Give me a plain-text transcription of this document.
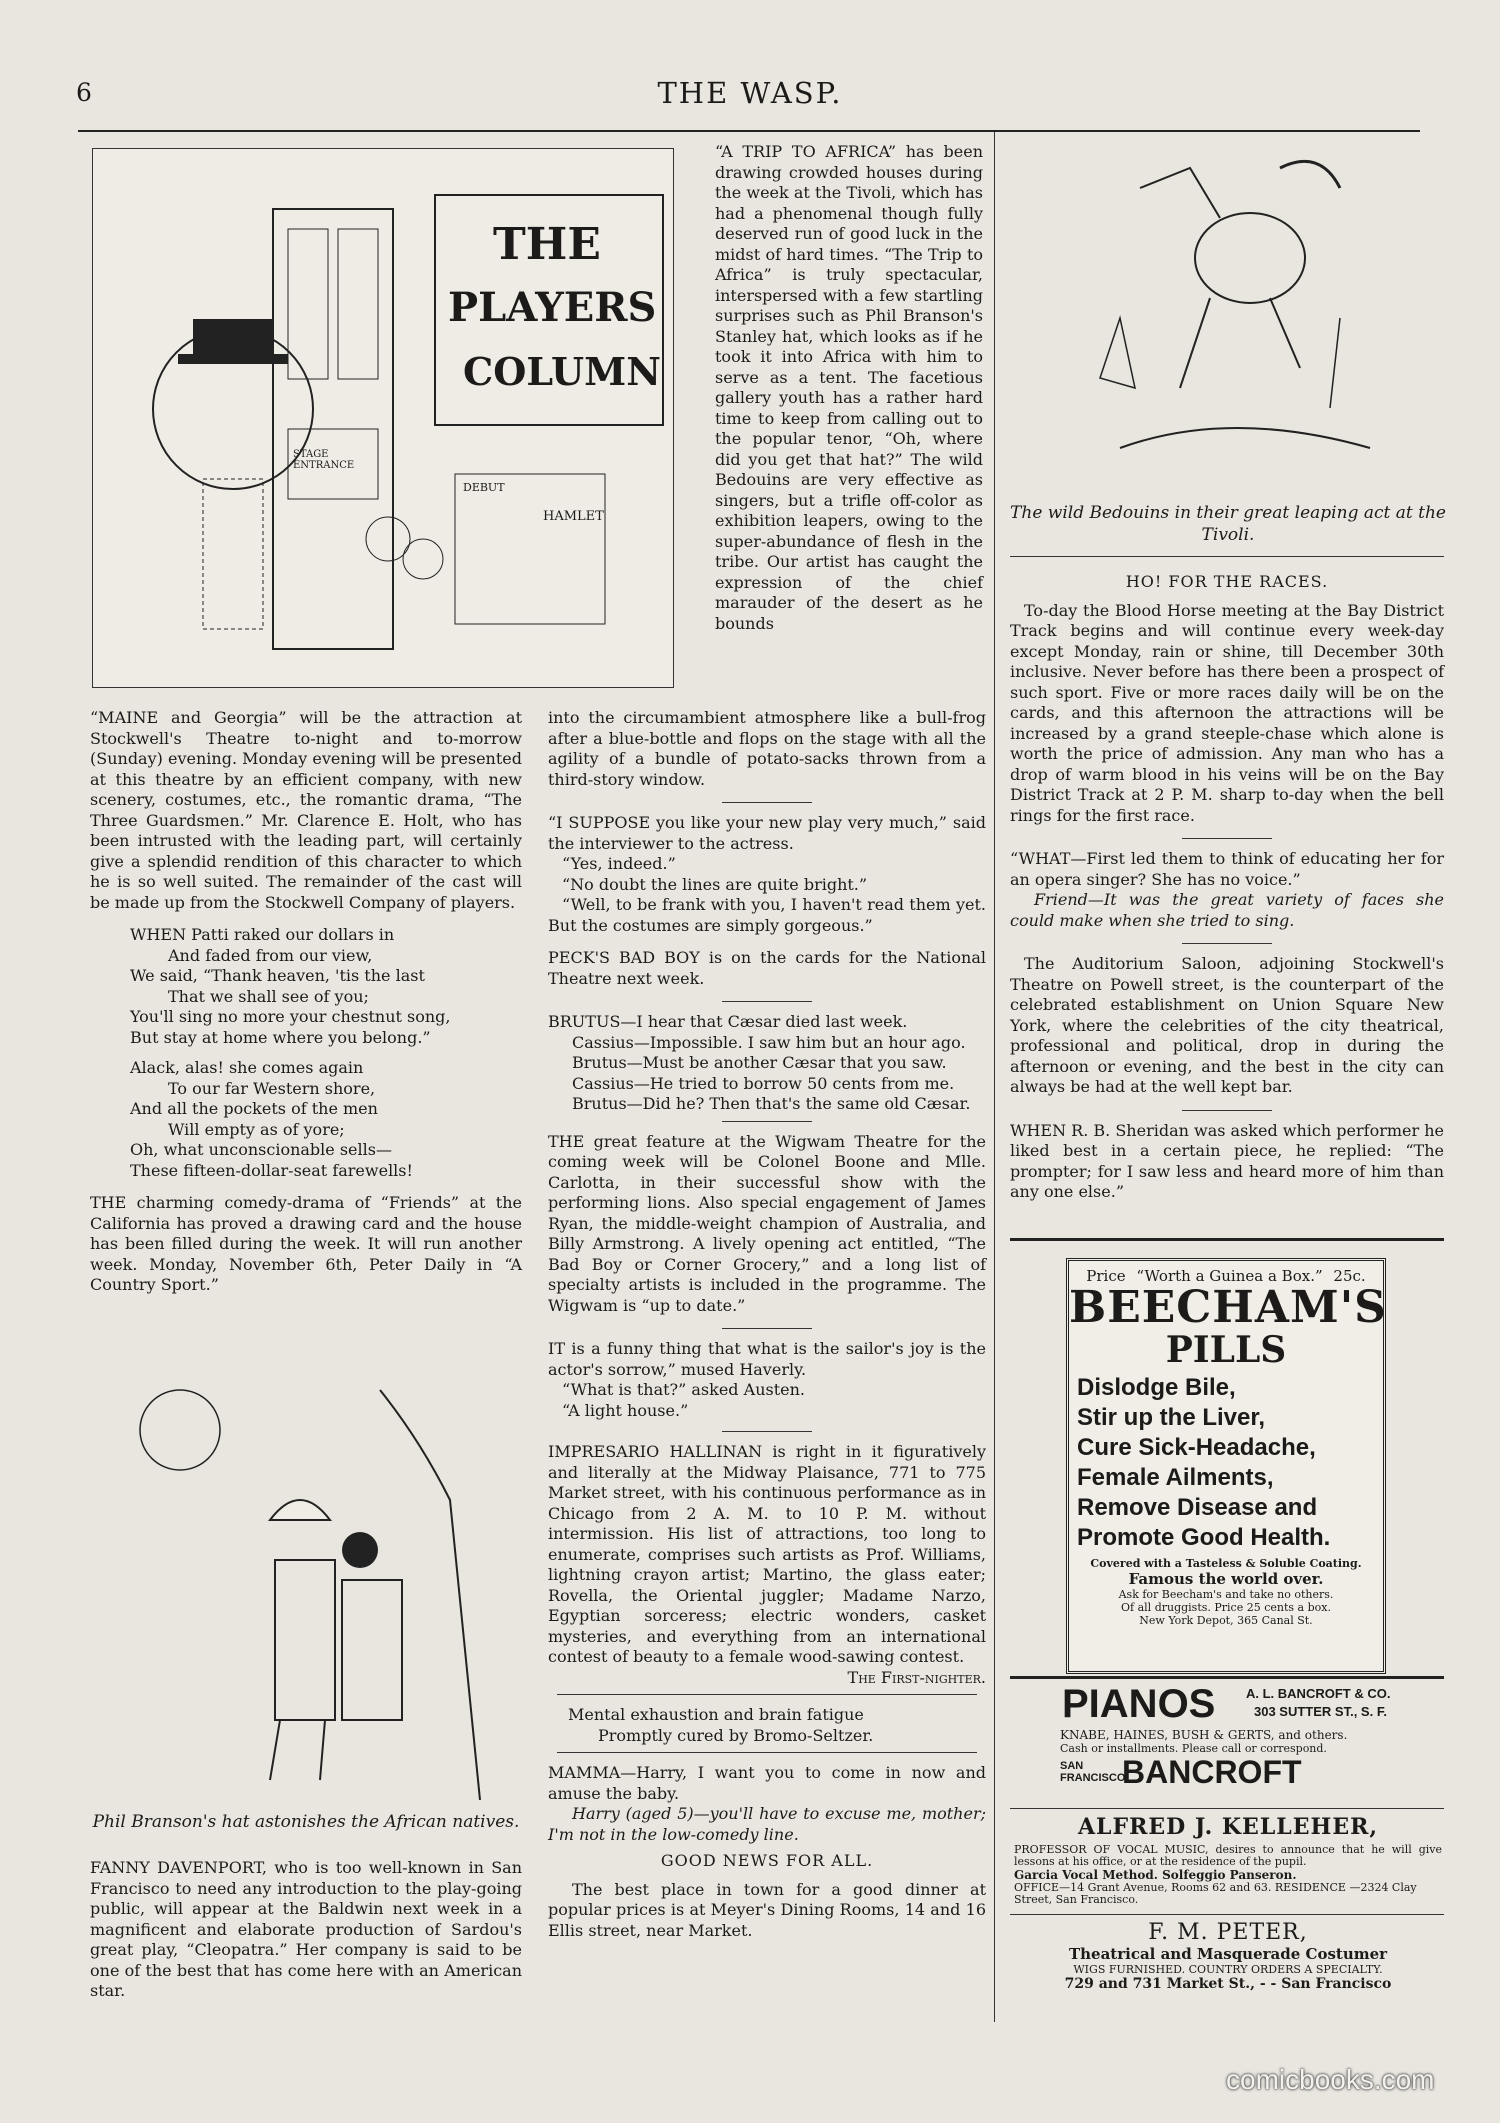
6	THE WASP.
THE
PLAYERS
COLUMN
STAGE ENTRANCE
DEBUT
HAMLET

“A TRIP TO AFRICA” has been drawing crowded houses during the week at the Tivoli, which has had a phenomenal though fully deserved run of good luck in the midst of hard times. “The Trip to Africa” is truly spectacular, interspersed with a few startling surprises such as Phil Branson's Stanley hat, which looks as if he took it into Africa with him to serve as a tent. The facetious gallery youth has a rather hard time to keep from calling out to the popular tenor, “Oh, where did you get that hat?” The wild Bedouins are very effective as singers, but a trifle off-color as exhibition leapers, owing to the super-abundance of flesh in the tribe. Our artist has caught the expression of the chief marauder of the desert as he bounds

“MAINE and Georgia” will be the attraction at Stockwell's Theatre to-night and to-morrow (Sunday) evening. Monday evening will be presented at this theatre by an efficient company, with new scenery, costumes, etc., the romantic drama, “The Three Guardsmen.” Mr. Clarence E. Holt, who has been intrusted with the leading part, will certainly give a splendid rendition of this character to which he is so well suited. The remainder of the cast will be made up from the Stockwell Company of players.

WHEN Patti raked our dollars in
And faded from our view,
We said, “Thank heaven, 'tis the last
That we shall see of you;
You'll sing no more your chestnut song,
But stay at home where you belong.”

Alack, alas! she comes again
To our far Western shore,
And all the pockets of the men
Will empty as of yore;
Oh, what unconscionable sells—
These fifteen-dollar-seat farewells!

THE charming comedy-drama of “Friends” at the California has proved a drawing card and the house has been filled during the week. It will run another week. Monday, November 6th, Peter Daily in “A Country Sport.”

Phil Branson's hat astonishes the African natives.

FANNY DAVENPORT, who is too well-known in San Francisco to need any introduction to the play-going public, will appear at the Baldwin next week in a magnificent and elaborate production of Sardou's great play, “Cleopatra.” Her company is said to be one of the best that has come here with an American star.

into the circumambient atmosphere like a bull-frog after a blue-bottle and flops on the stage with all the agility of a bundle of potato-sacks thrown from a third-story window.

“I SUPPOSE you like your new play very much,” said the interviewer to the actress.

“Yes, indeed.”

“No doubt the lines are quite bright.”

“Well, to be frank with you, I haven't read them yet. But the costumes are simply gorgeous.”

PECK'S BAD BOY is on the cards for the National Theatre next week.

BRUTUS—I hear that Cæsar died last week.

Cassius—Impossible. I saw him but an hour ago.

Brutus—Must be another Cæsar that you saw.

Cassius—He tried to borrow 50 cents from me.

Brutus—Did he? Then that's the same old Cæsar.

THE great feature at the Wigwam Theatre for the coming week will be Colonel Boone and Mlle. Carlotta, in their successful show with the performing lions. Also special engagement of James Ryan, the middle-weight champion of Australia, and Billy Armstrong. A lively opening act entitled, “The Bad Boy or Corner Grocery,” and a long list of specialty artists is included in the programme. The Wigwam is “up to date.”

IT is a funny thing that what is the sailor's joy is the actor's sorrow,” mused Haverly.

“What is that?” asked Austen.

“A light house.”

IMPRESARIO HALLINAN is right in it figuratively and literally at the Midway Plaisance, 771 to 775 Market street, with his continuous performance as in Chicago from 2 A. M. to 10 P. M. without intermission. His list of attractions, too long to enumerate, comprises such artists as Prof. Williams, lightning crayon artist; Martino, the glass eater; Rovella, the Oriental juggler; Madame Narzo, Egyptian sorceress; electric wonders, casket mysteries, and everything from an international contest of beauty to a female wood-sawing contest.

The First-nighter.

Mental exhaustion and brain fatigue

Promptly cured by Bromo-Seltzer.

MAMMA—Harry, I want you to come in now and amuse the baby.

Harry (aged 5)—you'll have to excuse me, mother; I'm not in the low-comedy line.

GOOD NEWS FOR ALL.

The best place in town for a good dinner at popular prices is at Meyer's Dining Rooms, 14 and 16 Ellis street, near Market.

The wild Bedouins in their great leaping act at the Tivoli.
HO! FOR THE RACES.

To-day the Blood Horse meeting at the Bay District Track begins and will continue every week-day except Monday, rain or shine, till December 30th inclusive. Never before has there been a prospect of such sport. Five or more races daily will be on the cards, and this afternoon the attractions will be increased by a grand steeple-chase which alone is worth the price of admission. Any man who has a drop of warm blood in his veins will be on the Bay District Track at 2 P. M. sharp to-day when the bell rings for the first race.

“WHAT—First led them to think of educating her for an opera singer? She has no voice.”

Friend—It was the great variety of faces she could make when she tried to sing.

The Auditorium Saloon, adjoining Stockwell's Theatre on Powell street, is the counterpart of the celebrated establishment on Union Square New York, where the celebrities of the city theatrical, professional and political, drop in during the afternoon or evening, and the best in the city can always be had at the well kept bar.

WHEN R. B. Sheridan was asked which performer he liked best in a certain piece, he replied: “The prompter; for I saw less and heard more of him than any one else.”

Price “Worth a Guinea a Box.” 25c.
BEECHAM'S
PILLS
Dislodge Bile,
Stir up the Liver,
Cure Sick-Headache,
Female Ailments,
Remove Disease and
Promote Good Health.
Covered with a Tasteless & Soluble Coating.
Famous the world over.
Ask for Beecham's and take no others.
Of all druggists. Price 25 cents a box.
New York Depot, 365 Canal St.
PIANOS A. L. BANCROFT & CO.
303 SUTTER ST., S. F.
KNABE, HAINES, BUSH & GERTS, and others.
Cash or installments. Please call or correspond.
SAN FRANCISCO.
BANCROFT
ALFRED J. KELLEHER,
PROFESSOR OF VOCAL MUSIC, desires to announce that he will give lessons at his office, or at the residence of the pupil.
Garcia Vocal Method. Solfeggio Panseron.
OFFICE—14 Grant Avenue, Rooms 62 and 63. RESIDENCE —2324 Clay Street, San Francisco.
F. M. PETER,
Theatrical and Masquerade Costumer
WIGS FURNISHED. COUNTRY ORDERS A SPECIALTY.
729 and 731 Market St., - - San Francisco
comicbooks.com
